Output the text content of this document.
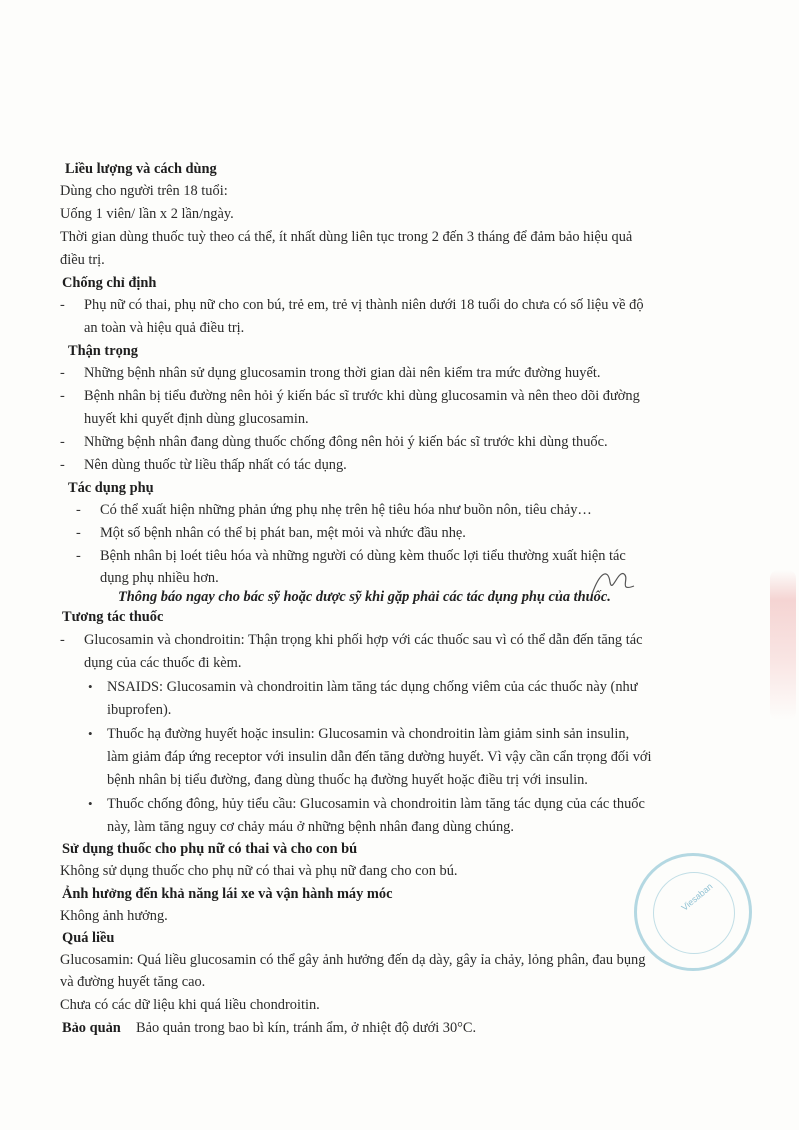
Viesaban
Liều lượng và cách dùng
Dùng cho người trên 18 tuổi:
Uống 1 viên/ lần x 2 lần/ngày.
Thời gian dùng thuốc tuỳ theo cá thể, ít nhất dùng liên tục trong 2 đến 3 tháng để đảm bảo hiệu quả
điều trị.
Chống chỉ định
- Phụ nữ có thai, phụ nữ cho con bú, trẻ em, trẻ vị thành niên dưới 18 tuổi do chưa có số liệu về độ
an toàn và hiệu quả điều trị.
Thận trọng
- Những bệnh nhân sử dụng glucosamin trong thời gian dài nên kiểm tra mức đường huyết.
- Bệnh nhân bị tiểu đường nên hỏi ý kiến bác sĩ trước khi dùng glucosamin và nên theo dõi đường
huyết khi quyết định dùng glucosamin.
- Những bệnh nhân đang dùng thuốc chống đông nên hỏi ý kiến bác sĩ trước khi dùng thuốc.
- Nên dùng thuốc từ liều thấp nhất có tác dụng.
Tác dụng phụ
- Có thể xuất hiện những phản ứng phụ nhẹ trên hệ tiêu hóa như buồn nôn, tiêu chảy…
- Một số bệnh nhân có thể bị phát ban, mệt mỏi và nhức đầu nhẹ.
- Bệnh nhân bị loét tiêu hóa và những người có dùng kèm thuốc lợi tiểu thường xuất hiện tác
dụng phụ nhiều hơn.
Thông báo ngay cho bác sỹ hoặc dược sỹ khi gặp phải các tác dụng phụ của thuốc.
Tương tác thuốc
- Glucosamin và chondroitin: Thận trọng khi phối hợp với các thuốc sau vì có thể dẫn đến tăng tác
dụng của các thuốc đi kèm.
• NSAIDS: Glucosamin và chondroitin làm tăng tác dụng chống viêm của các thuốc này (như
ibuprofen).
• Thuốc hạ đường huyết hoặc insulin: Glucosamin và chondroitin làm giảm sinh sản insulin,
làm giảm đáp ứng receptor với insulin dẫn đến tăng dường huyết. Vì vậy cần cẩn trọng đối với
bệnh nhân bị tiểu đường, đang dùng thuốc hạ đường huyết hoặc điều trị với insulin.
• Thuốc chống đông, hủy tiểu cầu: Glucosamin và chondroitin làm tăng tác dụng của các thuốc
này, làm tăng nguy cơ chảy máu ở những bệnh nhân đang dùng chúng.
Sử dụng thuốc cho phụ nữ có thai và cho con bú
Không sử dụng thuốc cho phụ nữ có thai và phụ nữ đang cho con bú.
Ảnh hưởng đến khả năng lái xe và vận hành máy móc
Không ảnh hưởng.
Quá liều
Glucosamin: Quá liều glucosamin có thể gây ảnh hưởng đến dạ dày, gây ỉa chảy, lỏng phân, đau bụng
và đường huyết tăng cao.
Chưa có các dữ liệu khi quá liều chondroitin.
Bảo quản Bảo quản trong bao bì kín, tránh ẩm, ở nhiệt độ dưới 30°C.
